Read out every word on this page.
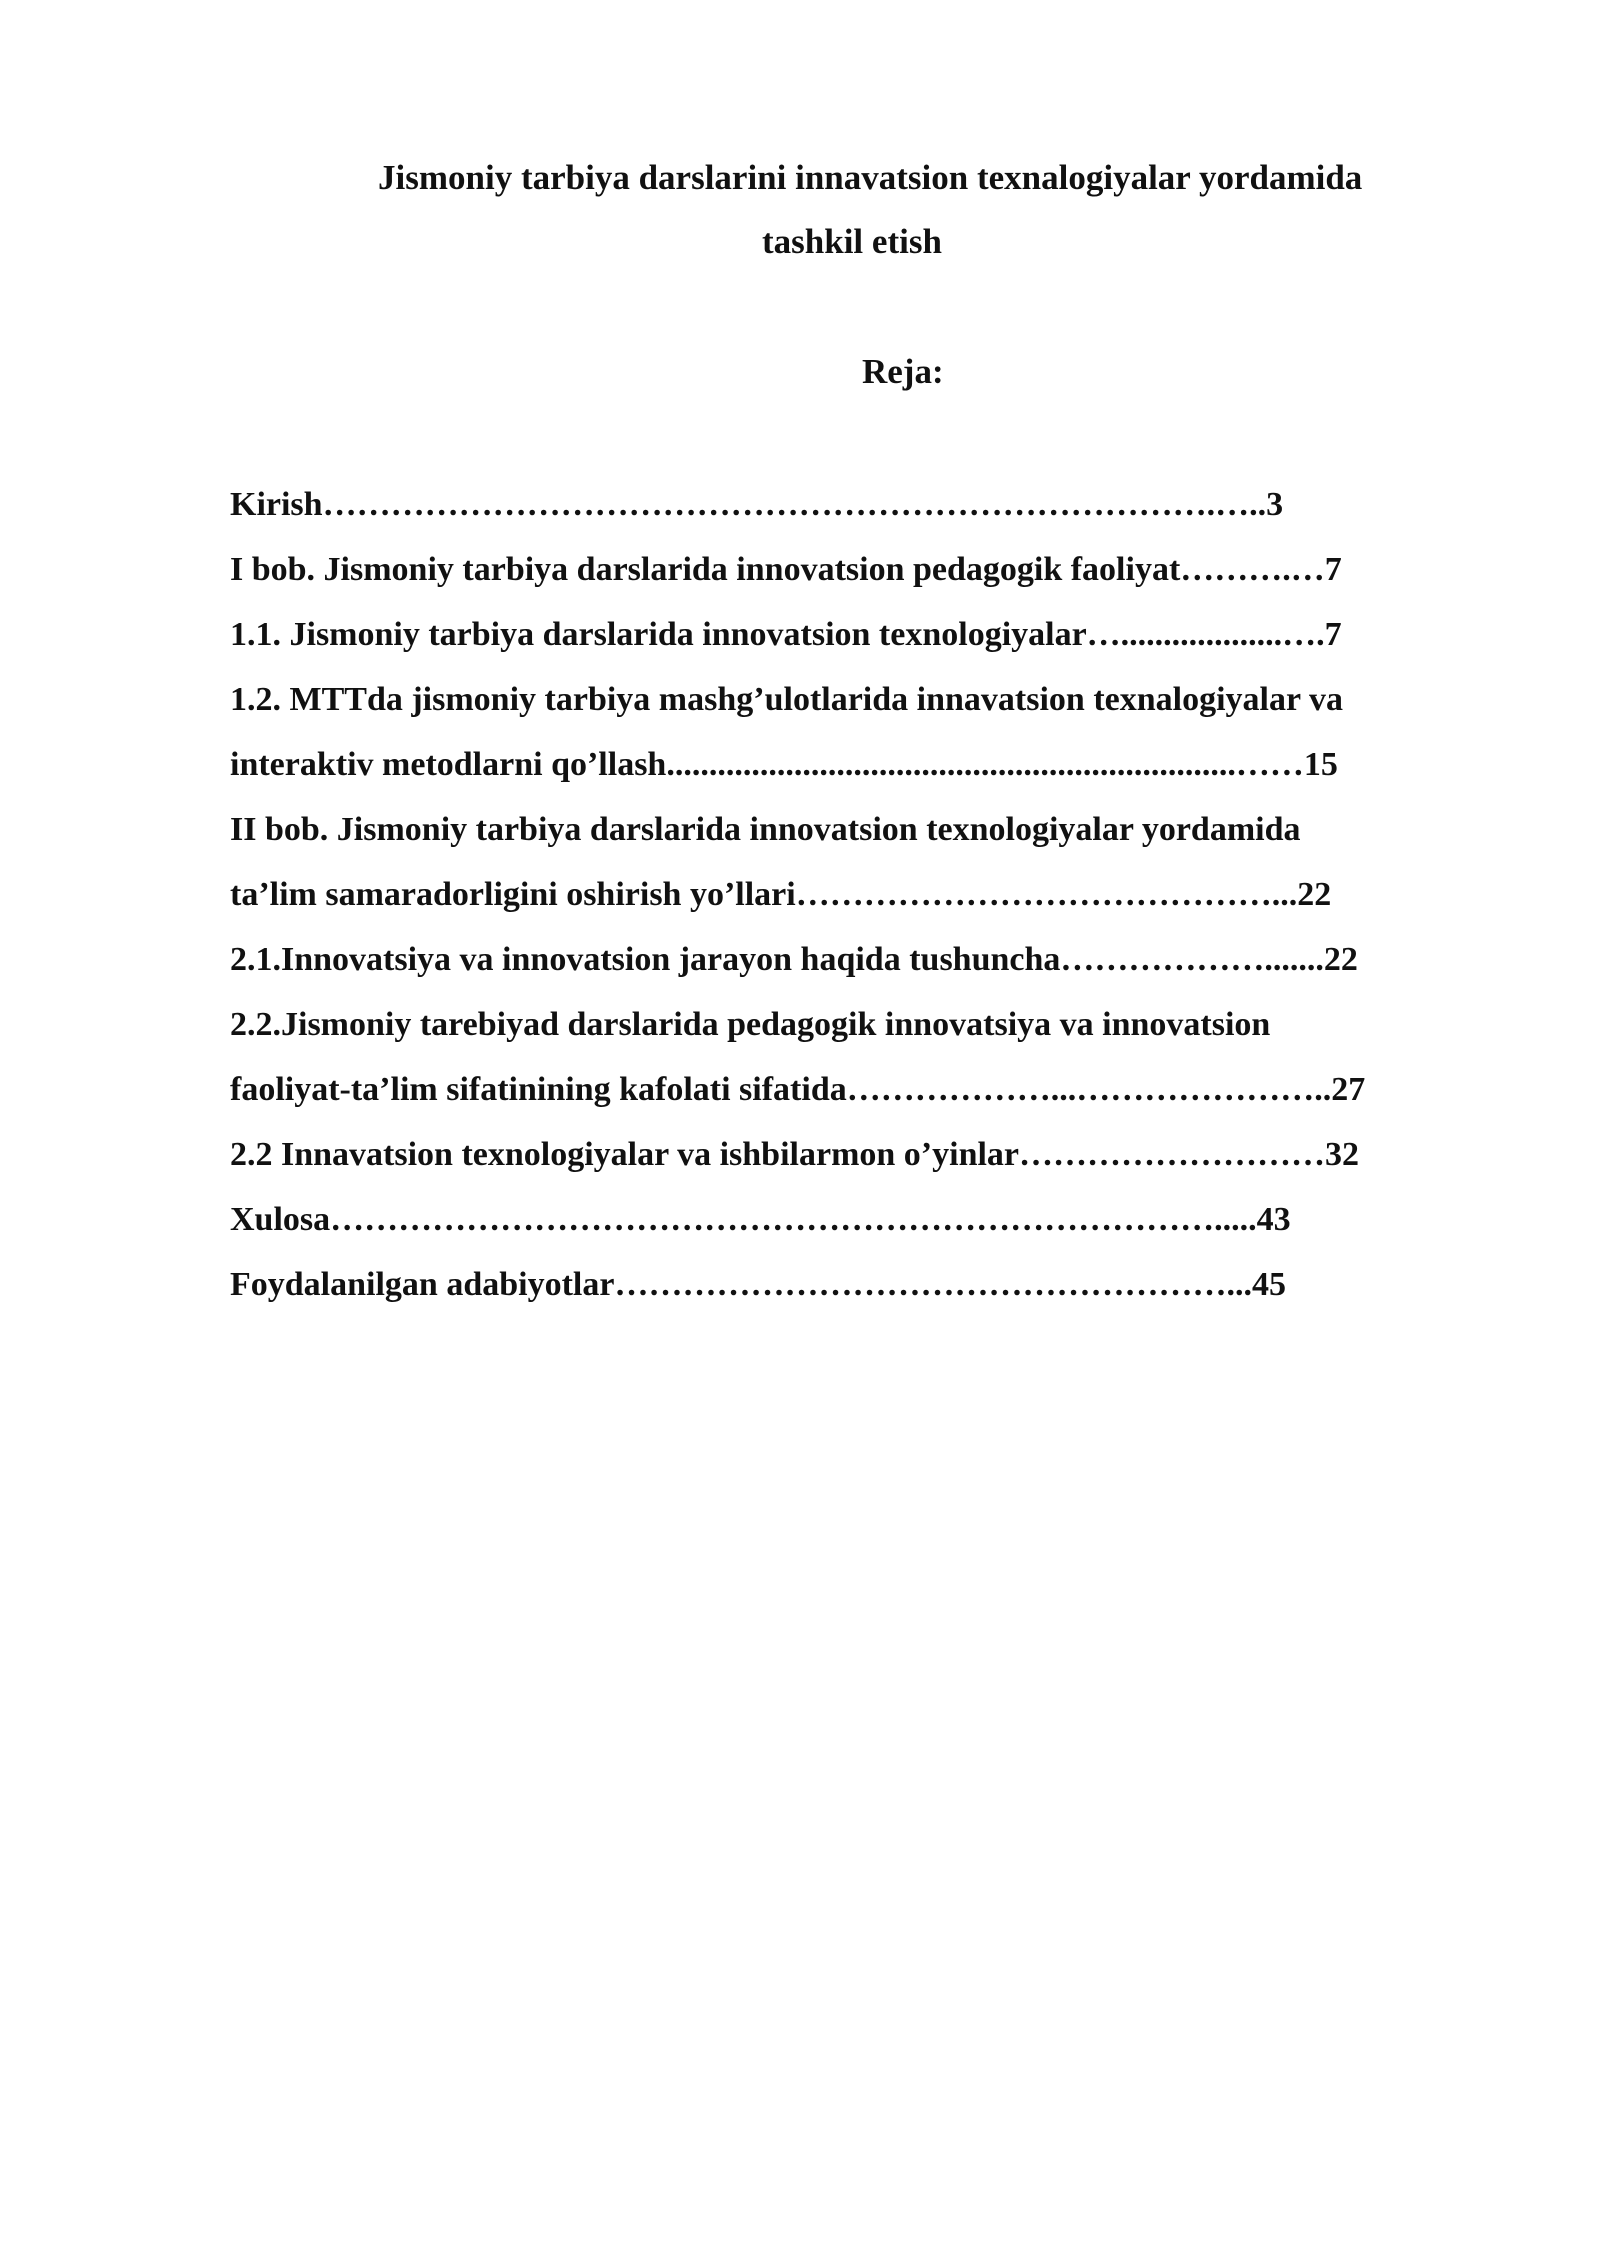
Jismoniy tarbiya darslarini innavatsion texnalogiyalar yordamida
tashkil etish
Reja:
Kirish…………………………………………………………………….…..3
I bob. Jismoniy tarbiya darslarida innovatsion pedagogik faoliyat……….…7
1.1. Jismoniy tarbiya darslarida innovatsion texnologiyalar…...................….7
1.2. MTTda jismoniy tarbiya mashg’ulotlarida innavatsion texnalogiyalar va
interaktiv metodlarni qo’llash...................................................................……15
II bob. Jismoniy tarbiya darslarida innovatsion texnologiyalar yordamida
ta’lim samaradorligini oshirish yo’llari……………………………………...22
2.1.Innovatsiya va innovatsion jarayon haqida tushuncha……………….......22
2.2.Jismoniy tarebiyad darslarida pedagogik innovatsiya va innovatsion
faoliyat-ta’lim sifatinining kafolati sifatida………………...…………………..27
2.2 Innavatsion texnologiyalar va ishbilarmon o’yinlar………………………32
Xulosa…………………………………………………………………….....43
Foydalanilgan adabiyotlar………………………………………………...45
